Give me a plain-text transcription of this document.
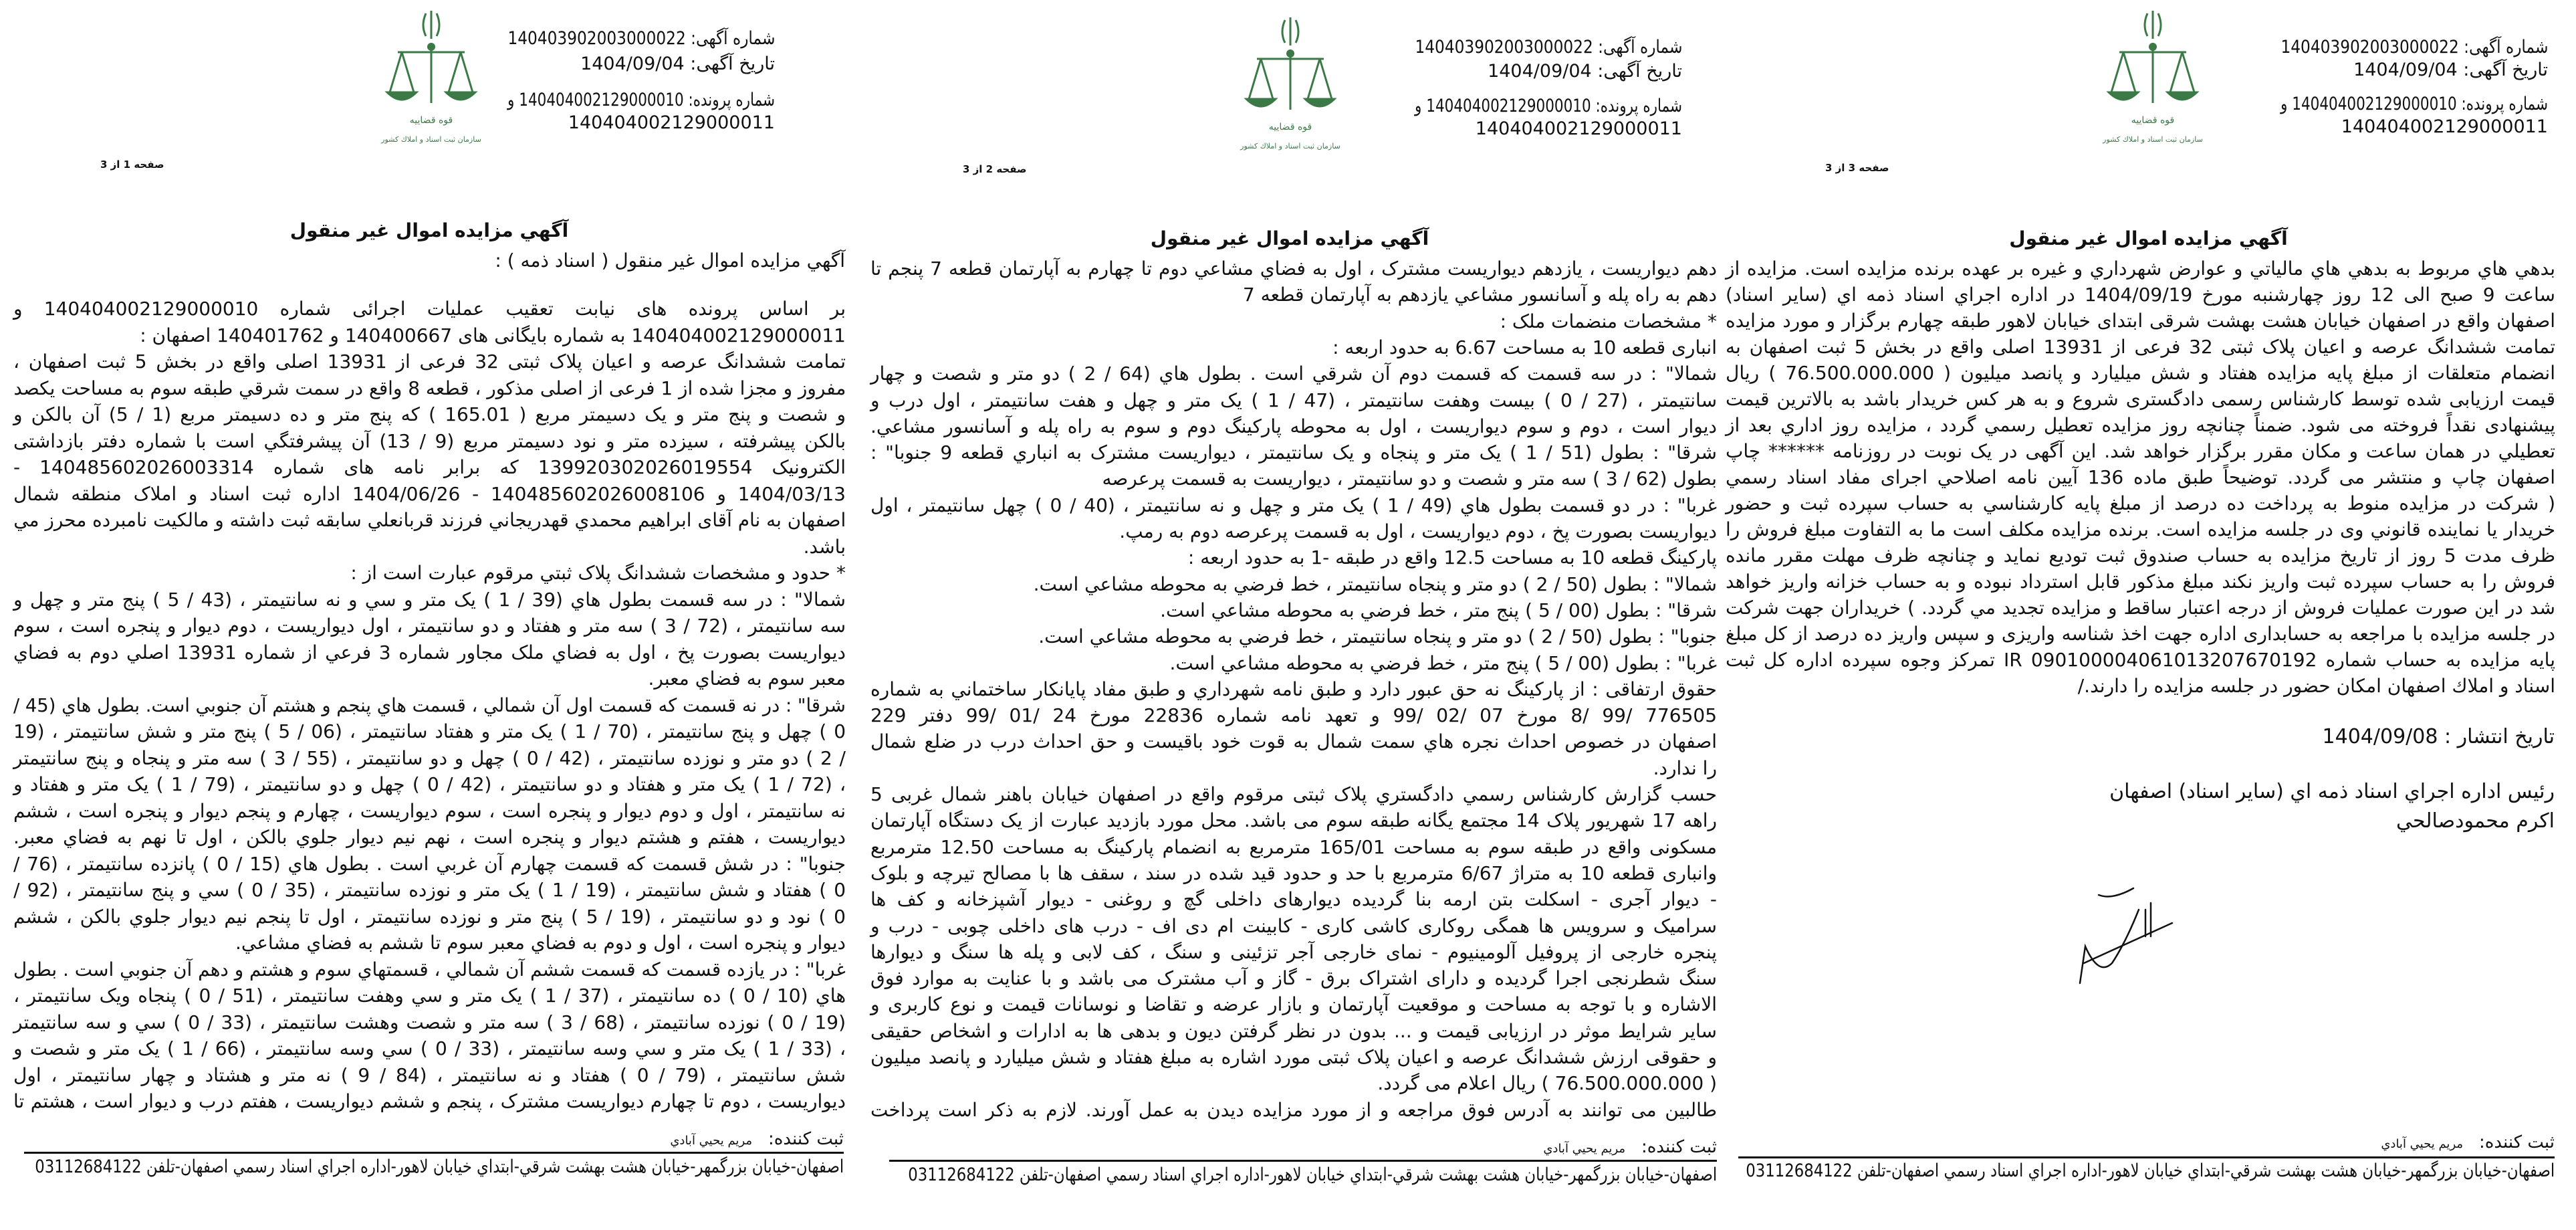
قوه قضاييه
سازمان ثبت اسناد و املاك كشور
شماره آگهی: 140403902003000022
تاریخ آگهی: 1404/09/04
شماره پرونده: 140404002129000010 و
140404002129000011
صفحه 1 از 3
آگهي مزايده اموال غير منقول
آگهي مزايده اموال غير منقول ( اسناد ذمه ) :
بر اساس پرونده های نیابت تعقیب عملیات اجرائی شماره 140404002129000010 و
140404002129000011 به شماره بایگانی های 140400667 و 140401762 اصفهان :
تمامت ششدانگ عرصه و اعیان پلاک ثبتی 32 فرعی از 13931 اصلی واقع در بخش 5 ثبت اصفهان ،
مفروز و مجزا شده از 1 فرعی از اصلی مذکور ، قطعه 8 واقع در سمت شرقي طبقه سوم به مساحت یکصد
و شصت و پنج متر و یک دسیمتر مربع ( 165.01 ) که پنج متر و ده دسیمتر مربع (1 / 5) آن بالکن و
بالکن پیشرفته ، سیزده متر و نود دسیمتر مربع (9 / 13) آن پیشرفتگي است با شماره دفتر بازداشتی
الکترونیک 139920302026019554 که برابر نامه های شماره 140485602026003314 -
1404/03/13 و 140485602026008106 - 1404/06/26 اداره ثبت اسناد و املاک منطقه شمال
اصفهان به نام آقای ابراهیم محمدي قهدريجاني فرزند قربانعلي سابقه ثبت داشته و مالكيت نامبرده محرز مي
باشد.
* حدود و مشخصات ششدانگ پلاک ثبتي مرقوم عبارت است از :
شمالا" : در سه قسمت بطول هاي (39 / 1 ) يک متر و سي و نه سانتيمتر ، (43 / 5 ) پنج متر و چهل و
سه سانتيمتر ، (72 / 3 ) سه متر و هفتاد و دو سانتيمتر ، اول ديواريست ، دوم ديوار و پنجره است ، سوم
ديواريست بصورت پخ ، اول به فضاي ملک مجاور شماره 3 فرعي از شماره 13931 اصلي دوم به فضاي
معبر سوم به فضاي معبر.
شرقا" : در نه قسمت که قسمت اول آن شمالي ، قسمت هاي پنجم و هشتم آن جنوبي است. بطول هاي (45 /
0 ) چهل و پنج سانتيمتر ، (70 / 1 ) يک متر و هفتاد سانتيمتر ، (06 / 5 ) پنج متر و شش سانتيمتر ، (19
/ 2 ) دو متر و نوزده سانتيمتر ، (42 / 0 ) چهل و دو سانتيمتر ، (55 / 3 ) سه متر و پنجاه و پنج سانتيمتر
، (72 / 1 ) يک متر و هفتاد و دو سانتيمتر ، (42 / 0 ) چهل و دو سانتيمتر ، (79 / 1 ) يک متر و هفتاد و
نه سانتيمتر ، اول و دوم ديوار و پنجره است ، سوم ديواريست ، چهارم و پنجم ديوار و پنجره است ، ششم
ديواريست ، هفتم و هشتم ديوار و پنجره است ، نهم نيم ديوار جلوي بالکن ، اول تا نهم به فضاي معبر.
جنوبا" : در شش قسمت که قسمت چهارم آن غربي است . بطول هاي (15 / 0 ) پانزده سانتيمتر ، (76 /
0 ) هفتاد و شش سانتيمتر ، (19 / 1 ) يک متر و نوزده سانتيمتر ، (35 / 0 ) سي و پنج سانتيمتر ، (92 /
0 ) نود و دو سانتيمتر ، (19 / 5 ) پنج متر و نوزده سانتيمتر ، اول تا پنجم نيم ديوار جلوي بالکن ، ششم
ديوار و پنجره است ، اول و دوم به فضاي معبر سوم تا ششم به فضاي مشاعي.
غربا" : در يازده قسمت که قسمت ششم آن شمالي ، قسمتهاي سوم و هشتم و دهم آن جنوبي است . بطول
هاي (10 / 0 ) ده سانتيمتر ، (37 / 1 ) يک متر و سي وهفت سانتيمتر ، (51 / 0 ) پنجاه ويک سانتيمتر ،
(19 / 0 ) نوزده سانتيمتر ، (68 / 3 ) سه متر و شصت وهشت سانتيمتر ، (33 / 0 ) سي و سه سانتيمتر
، (33 / 1 ) يک متر و سي وسه سانتيمتر ، (33 / 0 ) سي وسه سانتيمتر ، (66 / 1 ) يک متر و شصت و
شش سانتيمتر ، (79 / 0 ) هفتاد و نه سانتيمتر ، (84 / 9 ) نه متر و هشتاد و چهار سانتيمتر ، اول
ديواريست ، دوم تا چهارم ديواريست مشترک ، پنجم و ششم ديواريست ، هفتم درب و ديوار است ، هشتم تا
ثبت کننده:مريم يحيي آبادي
اصفهان-خيابان بزرگمهر-خيابان هشت بهشت شرقي-ابتداي خيابان لاهور-اداره اجراي اسناد رسمي اصفهان-تلفن 03112684122
قوه قضاييه
سازمان ثبت اسناد و املاك كشور
شماره آگهی: 140403902003000022
تاریخ آگهی: 1404/09/04
شماره پرونده: 140404002129000010 و
140404002129000011
صفحه 2 از 3
آگهي مزايده اموال غير منقول
دهم ديواريست ، يازدهم ديواريست مشترک ، اول به فضاي مشاعي دوم تا چهارم به آپارتمان قطعه 7 پنجم تا
دهم به راه پله و آسانسور مشاعي يازدهم به آپارتمان قطعه 7
* مشخصات منضمات ملک :
انباری قطعه 10 به مساحت 6.67 به حدود اربعه :
شمالا" : در سه قسمت که قسمت دوم آن شرقي است . بطول هاي (64 / 2 ) دو متر و شصت و چهار
سانتيمتر ، (27 / 0 ) بيست وهفت سانتيمتر ، (47 / 1 ) يک متر و چهل و هفت سانتيمتر ، اول درب و
ديوار است ، دوم و سوم ديواريست ، اول به محوطه پارکينگ دوم و سوم به راه پله و آسانسور مشاعي.
شرقا" : بطول (51 / 1 ) يک متر و پنجاه و يک سانتيمتر ، ديواريست مشترک به انباري قطعه 9 جنوبا" :
بطول (62 / 3 ) سه متر و شصت و دو سانتيمتر ، ديواريست به قسمت پرعرصه
غربا" : در دو قسمت بطول هاي (49 / 1 ) يک متر و چهل و نه سانتيمتر ، (40 / 0 ) چهل سانتيمتر ، اول
ديواريست بصورت پخ ، دوم ديواريست ، اول به قسمت پرعرصه دوم به رمپ.
پارکينگ قطعه 10 به مساحت 12.5 واقع در طبقه -1 به حدود اربعه :
شمالا" : بطول (50 / 2 ) دو متر و پنجاه سانتيمتر ، خط فرضي به محوطه مشاعي است.
شرقا" : بطول (00 / 5 ) پنج متر ، خط فرضي به محوطه مشاعي است.
جنوبا" : بطول (50 / 2 ) دو متر و پنجاه سانتيمتر ، خط فرضي به محوطه مشاعي است.
غربا" : بطول (00 / 5 ) پنج متر ، خط فرضي به محوطه مشاعي است.
حقوق ارتفاقی : از پارکينگ نه حق عبور دارد و طبق نامه شهرداري و طبق مفاد پايانكار ساختماني به شماره
776505 /99 /8 مورخ 07 /02 /99 و تعهد نامه شماره 22836 مورخ 24 /01 /99 دفتر 229
اصفهان در خصوص احداث نجره هاي سمت شمال به قوت خود باقيست و حق احداث درب در ضلع شمال
را ندارد.
حسب گزارش کارشناس رسمي دادگستري پلاک ثبتی مرقوم واقع در اصفهان خيابان باهنر شمال غربی 5
راهه 17 شهريور پلاک 14 مجتمع يگانه طبقه سوم می باشد. محل مورد بازديد عبارت از يک دستگاه آپارتمان
مسکونی واقع در طبقه سوم به مساحت 165/01 مترمربع به انضمام پارکینگ به مساحت 12.50 مترمربع
وانباری قطعه 10 به متراژ 6/67 مترمربع با حد و حدود قید شده در سند ، سقف ها با مصالح تیرچه و بلوک
- دیوار آجری - اسکلت بتن ارمه بنا گردیده دیوارهای داخلی گچ و روغنی - دیوار آشپزخانه و کف ها
سرامیک و سرویس ها همگی روکاری کاشی کاری - کابینت ام دی اف - درب های داخلی چوبی - درب و
پنجره خارجی از پروفیل آلومینیوم - نمای خارجی آجر تزئینی و سنگ ، کف لابی و پله ها سنگ و دیوارها
سنگ شطرنجی اجرا گردیده و دارای اشتراک برق - گاز و آب مشترک می باشد و با عنایت به موارد فوق
الاشاره و با توجه به مساحت و موقعیت آپارتمان و بازار عرضه و تقاضا و نوسانات قیمت و نوع کاربری و
سایر شرایط موثر در ارزیابی قیمت و ... بدون در نظر گرفتن دیون و بدهی ها به ادارات و اشخاص حقیقی
و حقوقی ارزش ششدانگ عرصه و اعیان پلاک ثبتی مورد اشاره به مبلغ هفتاد و شش میلیارد و پانصد میلیون
( 76.500.000.000 ) ریال اعلام می گردد.
طالبین می توانند به آدرس فوق مراجعه و از مورد مزایده دیدن به عمل آورند. لازم به ذکر است پرداخت
ثبت کننده:مريم يحيي آبادي
اصفهان-خيابان بزرگمهر-خيابان هشت بهشت شرقي-ابتداي خيابان لاهور-اداره اجراي اسناد رسمي اصفهان-تلفن 03112684122
قوه قضاييه
سازمان ثبت اسناد و املاك كشور
شماره آگهی: 140403902003000022
تاریخ آگهی: 1404/09/04
شماره پرونده: 140404002129000010 و
140404002129000011
صفحه 3 از 3
آگهي مزايده اموال غير منقول
بدهي هاي مربوط به بدهي هاي مالياتي و عوارض شهرداري و غيره بر عهده برنده مزايده است. مزايده از
ساعت 9 صبح الی 12 روز چهارشنبه مورخ 1404/09/19 در اداره اجراي اسناد ذمه اي (ساير اسناد)
اصفهان واقع در اصفهان خيابان هشت بهشت شرقی ابتدای خيابان لاهور طبقه چهارم برگزار و مورد مزايده
تمامت ششدانگ عرصه و اعيان پلاک ثبتی 32 فرعی از 13931 اصلی واقع در بخش 5 ثبت اصفهان به
انضمام متعلقات از مبلغ پايه مزايده هفتاد و شش ميليارد و پانصد ميليون ( 76.500.000.000 ) ريال
قيمت ارزيابی شده توسط كارشناس رسمی دادگستری شروع و به هر كس خريدار باشد به بالاترين قيمت
پيشنهادی نقداً فروخته می شود. ضمناً چنانچه روز مزايده تعطيل رسمي گردد ، مزايده روز اداري بعد از
تعطيلي در همان ساعت و مكان مقرر برگزار خواهد شد. اين آگهی در يک نوبت در روزنامه ****** چاپ
اصفهان چاپ و منتشر می گردد. توضيحاً طبق ماده 136 آيين نامه اصلاحي اجرای مفاد اسناد رسمي
( شركت در مزايده منوط به پرداخت ده درصد از مبلغ پايه كارشناسي به حساب سپرده ثبت و حضور
خريدار يا نماينده قانوني وی در جلسه مزايده است. برنده مزايده مكلف است ما به التفاوت مبلغ فروش را
ظرف مدت 5 روز از تاريخ مزايده به حساب صندوق ثبت توديع نمايد و چنانچه ظرف مهلت مقرر مانده
فروش را به حساب سپرده ثبت واريز نكند مبلغ مذكور قابل استرداد نبوده و به حساب خزانه واريز خواهد
شد در اين صورت عمليات فروش از درجه اعتبار ساقط و مزايده تجديد مي گردد. ) خريداران جهت شركت
در جلسه مزايده با مراجعه به حسابداری اداره جهت اخذ شناسه واريزی و سپس واريز ده درصد از كل مبلغ
پايه مزايده به حساب شماره IR 090100004061013207670192 تمركز وجوه سپرده اداره كل ثبت
اسناد و املاك اصفهان امكان حضور در جلسه مزايده را دارند./
تاريخ انتشار : 1404/09/08
رئيس اداره اجراي اسناد ذمه اي (ساير اسناد) اصفهان
اكرم محمودصالحي
ثبت کننده:مريم يحيي آبادي
اصفهان-خيابان بزرگمهر-خيابان هشت بهشت شرقي-ابتداي خيابان لاهور-اداره اجراي اسناد رسمي اصفهان-تلفن 03112684122
